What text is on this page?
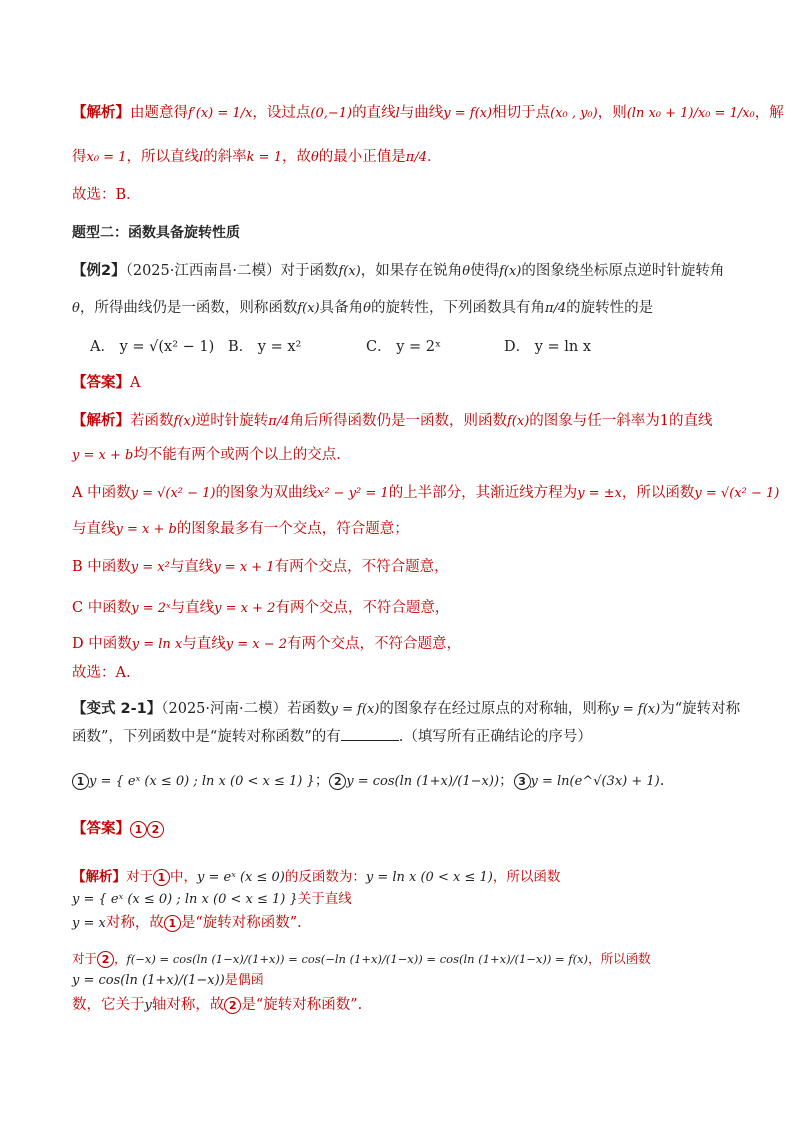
【解析】由题意得f′(x) = 1/x，设过点(0,−1)的直线l与曲线y = f(x)相切于点(x₀ , y₀)，则(ln x₀ + 1)/x₀ = 1/x₀，解
得x₀ = 1，所以直线l的斜率k = 1，故θ的最小正值是π/4．
故选：B．
题型二：函数具备旋转性质
【例2】（2025·江西南昌·二模）对于函数f(x)，如果存在锐角θ使得f(x)的图象绕坐标原点逆时针旋转角
θ，所得曲线仍是一函数，则称函数f(x)具备角θ的旋转性，下列函数具有角π/4的旋转性的是
A． y = √(x² − 1) B． y = x²	C． y = 2ˣ	D． y = ln x
【答案】A
【解析】若函数f(x)逆时针旋转π/4角后所得函数仍是一函数，则函数f(x)的图象与任一斜率为1的直线
y = x + b均不能有两个或两个以上的交点.
A 中函数y = √(x² − 1)的图象为双曲线x² − y² = 1的上半部分，其渐近线方程为y = ±x，所以函数y = √(x² − 1)
与直线y = x + b的图象最多有一个交点，符合题意；
B 中函数y = x²与直线y = x + 1有两个交点，不符合题意，
C 中函数y = 2ˣ与直线y = x + 2有两个交点，不符合题意，
D 中函数y = ln x与直线y = x − 2有两个交点，不符合题意，
故选：A.
【变式 2-1】（2025·河南·二模）若函数y = f(x)的图象存在经过原点的对称轴，则称y = f(x)为“旋转对称
函数”，下列函数中是“旋转对称函数”的有	.（填写所有正确结论的序号）
1 y = { eˣ (x ≤ 0) ; ln x (0 < x ≤ 1) }； 2 y = cos(ln (1+x)/(1−x))； 3 y = ln(e^√(3x) + 1).
【答案】 1 2
【解析】对于 1 中，y = eˣ (x ≤ 0)的反函数为：y = ln x (0 < x ≤ 1)，所以函数
y = { eˣ (x ≤ 0) ; ln x (0 < x ≤ 1) }关于直线
y = x对称，故 1 是“旋转对称函数”.
对于 2 ，f(−x) = cos(ln (1−x)/(1+x)) = cos(−ln (1+x)/(1−x)) = cos(ln (1+x)/(1−x)) = f(x)，所以函数
y = cos(ln (1+x)/(1−x))是偶函
数，它关于y轴对称，故 2 是“旋转对称函数”.
